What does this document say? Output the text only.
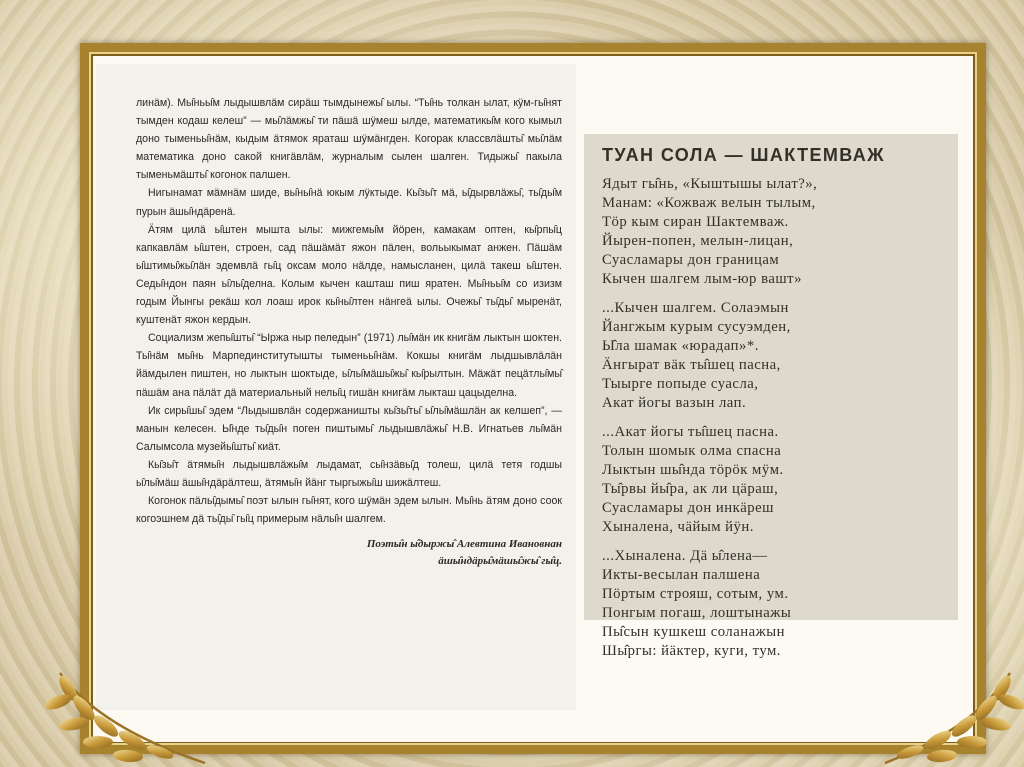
линäм). Мы̂ньы̂м лыдышвлäм сирäш тымдынежы̂ ылы. “Ты̂нь толкан ылат, кӱм-гы̂нят тымден кодаш келеш” — мы̂лäмжы̂ ти пäшä шӱмеш ылде, математикы̂м кого кымыл доно тыменьы̂нäм, кыдым äтямок яраташ шӱмäнгден. Когорак классвлäшты̂ мы̂лäм математика доно сакой книгäвлäм, журналым сылен шалген. Тидыжы̂ пакыла тыменьмäшты̂ когонок палшен.

Нигынамат мäмнäм шиде, вы̂ны̂нä юкым лӱктыде. Кы̂зы̂т мä, ы̂дырвлäжы̂, ты̂ды̂м пурын äшы̂ндäренä.

Äтям цилä ы̂штен мышта ылы: мижгемы̂м йӧрен, камакам оптен, кы̂рпы̂ц капкавлäм ы̂штен, строен, сад пäшäмäт яжон пäлен, вольыкымат анжен. Пäшäм ы̂штимы̂жы̂лäн эдемвлä гы̂ц оксам моло нäлде, намысланен, цилä такеш ы̂штен. Седы̂ндон паян ы̂лы̂делна. Колым кычен кашташ пиш яратен. Мы̂ньы̂м со изизм годым Йынгы рекäш кол лоаш ирок кы̂ны̂лтен нäнгеä ылы. Очежы̂ ты̂ды̂ мыренäт, куштенäт яжон кердын.

Социализм жепы̂шты̂ “Ыржа ныр пеледын” (1971) лы̂мäн ик книгäм лыктын шоктен. Ты̂нäм мы̂нь Марпединститутышты тыменьы̂нäм. Кокшы книгäм лыдшывлäлäн йäмдылен пиштен, но лыктын шоктыде, ы̂лы̂мäшы̂жы̂ кы̂рылтын. Мäжäт пецäтлы̂мы̂ пäшäм ана пäлäт дä материальный нелы̂ц гишäн книгäм лыкташ цацыделна.

Ик сиры̂шы̂ эдем “Лыдышвлäн содержаништы кы̂зы̂ты̂ ы̂лы̂мäшлäн ак келшеп”, — манын келесен. Ы̂нде ты̂ды̂н поген пиштымы̂ лыдышвлäжы̂ Н.В. Игнатьев лы̂мäн Салымсола музейы̂шты̂ киäт.

Кы̂зы̂т äтямы̂н лыдышвлäжы̂м лыдамат, сы̂нзäвы̂д толеш, цилä тетя годшы ы̂лы̂мäш äшы̂ндäрäлтеш, äтямы̂н йäнг тыргыжы̂ш шижäлтеш.

Когонок пäлы̂дымы̂ поэт ылын гы̂нят, кого шӱмäн эдем ылын. Мы̂нь äтям доно соок когоэшнем дä ты̂ды̂ гы̂ц примерым нäлы̂н шалгем.

Поэты̂н ы̂дыржы̂ Алевтина Ивановнан
äшы̂ндäры̂мäшы̂жы̂ гы̂ц.
ТУАН СОЛА — ШАКТЕМВАЖ
Ядыт гы̂нь, «Кыштышы ылат?»,
Манам: «Кожваж велын тылым,
Тӧр кым сиран Шактемваж.
Йырен-попен, мелын-лицан,
Суасламары дон границам
Кычен шалгем лым-юр вашт»
...Кычен шалгем. Солаэмын
Йангжым курым сусуэмден,
Ы̂ла шамак «юрадап»*.
Äнгырат вäк ты̂шец пасна,
Тыырге попыде суасла,
Акат йогы вазын лап.
...Акат йогы ты̂шец пасна.
Толын шомык олма спасна
Лыктын шы̂нда тӧрӧк мӱм.
Ты̂рвы йы̂ра, ак ли цäраш,
Суасламары дон инкäреш
Хыналена, чäйым йӱн.
...Хыналена. Дä ы̂лена—
Икты-весылан палшена
Пӧртым строяш, сотым, ум.
Понгым погаш, лоштынажы
Пы̂сын кушкеш соланажын
Шы̂ргы: йäктер, куги, тум.
